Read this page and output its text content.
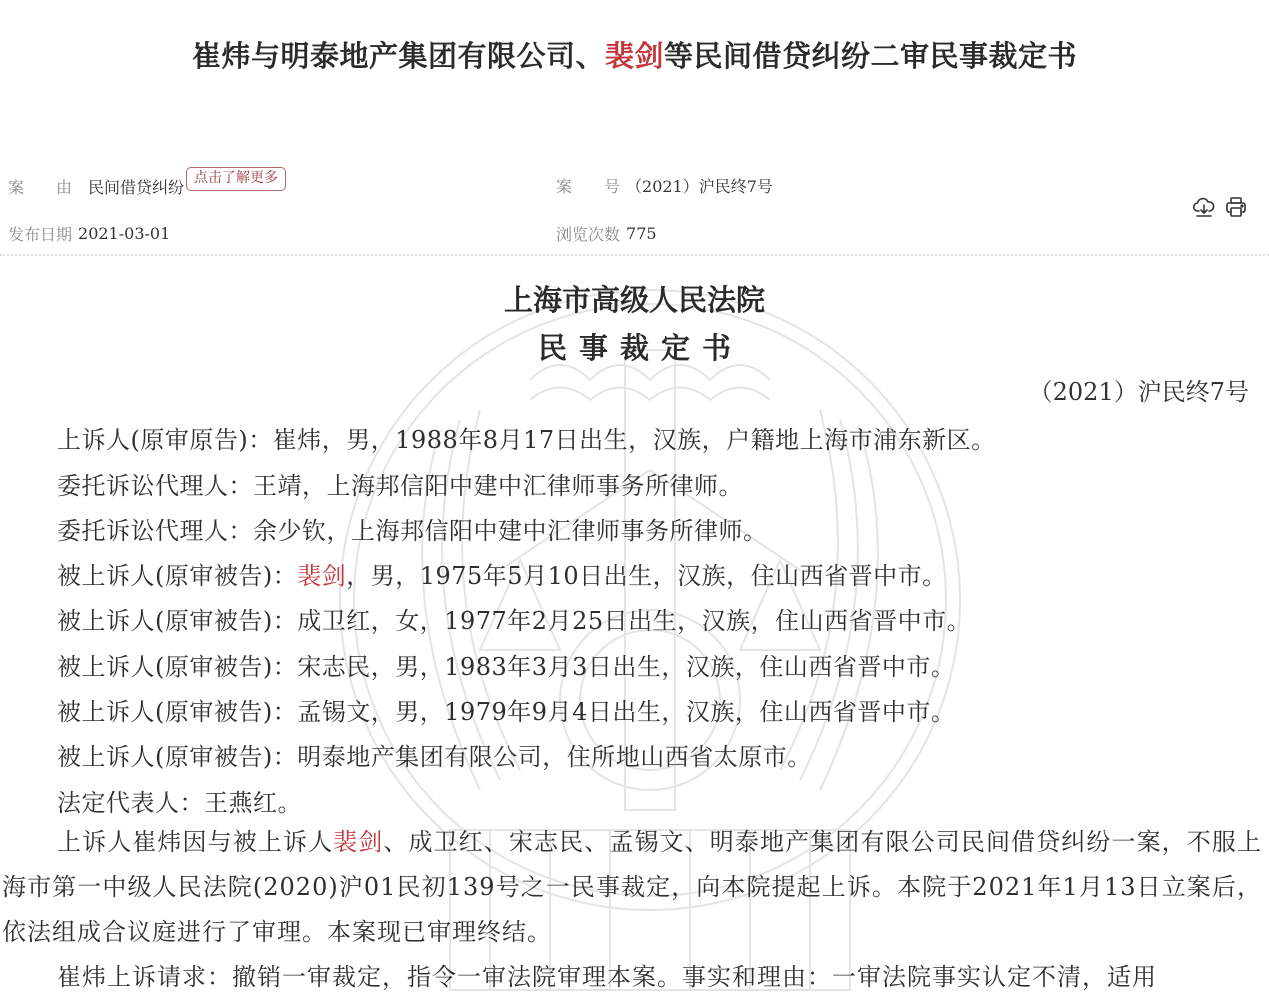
崔炜与明泰地产集团有限公司、裴剑等民间借贷纠纷二审民事裁定书
案　　由 民间借贷纠纷 点击了解更多	案　　号 （2021）沪民终7号
发布日期 2021-03-01	浏览次数 775
上海市高级人民法院
民事裁定书
（2021）沪民终7号
上诉人(原审原告)：崔炜，男，1988年8月17日出生，汉族，户籍地上海市浦东新区。
委托诉讼代理人：王靖，上海邦信阳中建中汇律师事务所律师。
委托诉讼代理人：余少钦，上海邦信阳中建中汇律师事务所律师。
被上诉人(原审被告)：裴剑，男，1975年5月10日出生，汉族，住山西省晋中市。
被上诉人(原审被告)：成卫红，女，1977年2月25日出生，汉族，住山西省晋中市。
被上诉人(原审被告)：宋志民，男，1983年3月3日出生，汉族，住山西省晋中市。
被上诉人(原审被告)：孟锡文，男，1979年9月4日出生，汉族，住山西省晋中市。
被上诉人(原审被告)：明泰地产集团有限公司，住所地山西省太原市。
法定代表人：王燕红。
上诉人崔炜因与被上诉人裴剑、成卫红、宋志民、孟锡文、明泰地产集团有限公司民间借贷纠纷一案，不服上海市第一中级人民法院(2020)沪01民初139号之一民事裁定，向本院提起上诉。本院于2021年1月13日立案后，依法组成合议庭进行了审理。本案现已审理终结。
崔炜上诉请求：撤销一审裁定，指令一审法院审理本案。事实和理由：一审法院事实认定不清，适用
